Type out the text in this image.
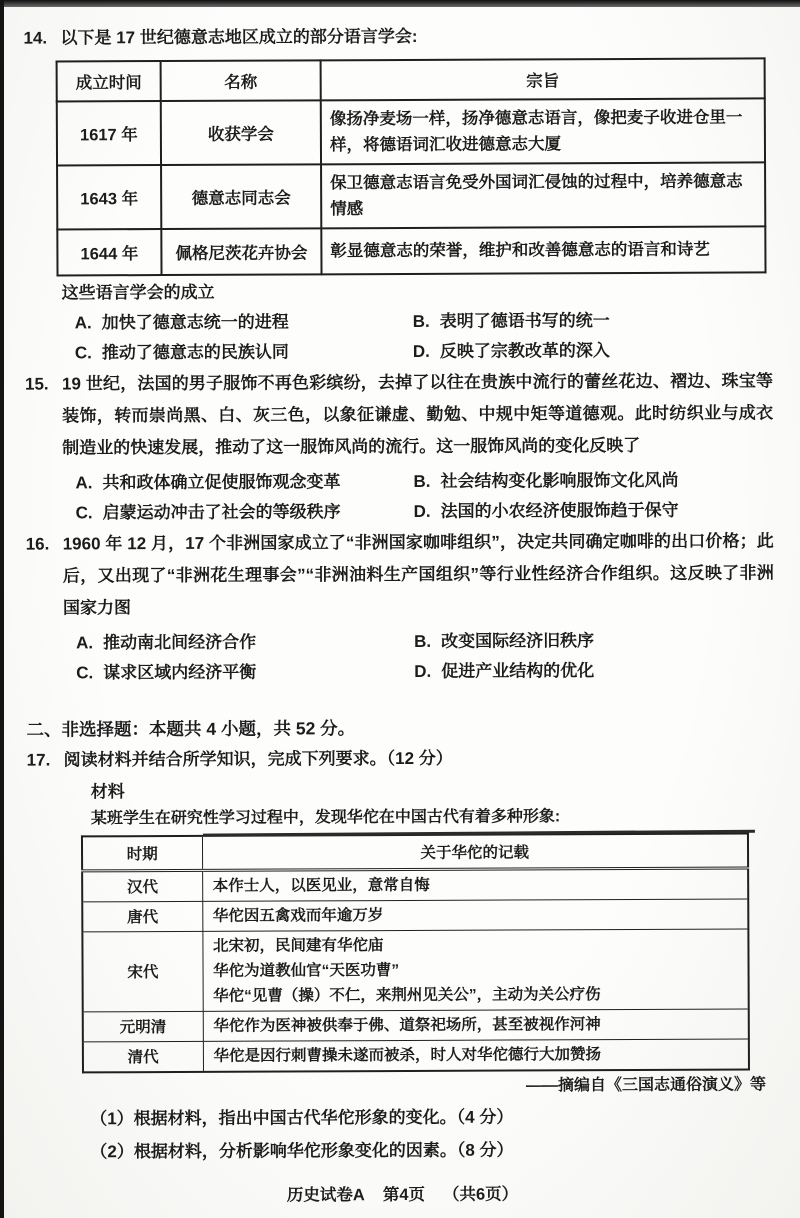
14. 以下是 17 世纪德意志地区成立的部分语言学会:
成立时间	名称	宗旨
1617 年	收获学会	像扬净麦场一样，扬净德意志语言，像把麦子收进仓里一样，将德语词汇收进德意志大厦
1643 年	德意志同志会	保卫德意志语言免受外国词汇侵蚀的过程中，培养德意志情感
1644 年	佩格尼茨花卉协会	彰显德意志的荣誉，维护和改善德意志的语言和诗艺
这些语言学会的成立
A. 加快了德意志统一的进程	B. 表明了德语书写的统一
C. 推动了德意志的民族认同	D. 反映了宗教改革的深入
15. 19 世纪，法国的男子服饰不再色彩缤纷，去掉了以往在贵族中流行的蕾丝花边、褶边、珠宝等装饰，转而崇尚黑、白、灰三色，以象征谦虚、勤勉、中规中矩等道德观。此时纺织业与成衣制造业的快速发展，推动了这一服饰风尚的流行。这一服饰风尚的变化反映了
A. 共和政体确立促使服饰观念变革	B. 社会结构变化影响服饰文化风尚
C. 启蒙运动冲击了社会的等级秩序	D. 法国的小农经济使服饰趋于保守
16. 1960 年 12 月，17 个非洲国家成立了“非洲国家咖啡组织”，决定共同确定咖啡的出口价格；此后，又出现了“非洲花生理事会”“非洲油料生产国组织”等行业性经济合作组织。这反映了非洲国家力图
A. 推动南北间经济合作	B. 改变国际经济旧秩序
C. 谋求区域内经济平衡	D. 促进产业结构的优化
二、非选择题：本题共 4 小题，共 52 分。
17. 阅读材料并结合所学知识，完成下列要求。（12 分）
材料
某班学生在研究性学习过程中，发现华佗在中国古代有着多种形象:
时期	关于华佗的记载
汉代	本作士人，以医见业，意常自悔
唐代	华佗因五禽戏而年逾万岁
宋代	北宋初，民间建有华佗庙
华佗为道教仙官“天医功曹”
华佗“见曹（操）不仁，来荆州见关公”，主动为关公疗伤

元明清	华佗作为医神被供奉于佛、道祭祀场所，甚至被视作河神
清代	华佗是因行刺曹操未遂而被杀，时人对华佗德行大加赞扬
——摘编自《三国志通俗演义》等
（1）根据材料，指出中国古代华佗形象的变化。（4 分）
（2）根据材料，分析影响华佗形象变化的因素。（8 分）
历史试卷A 第4页 （共6页）
